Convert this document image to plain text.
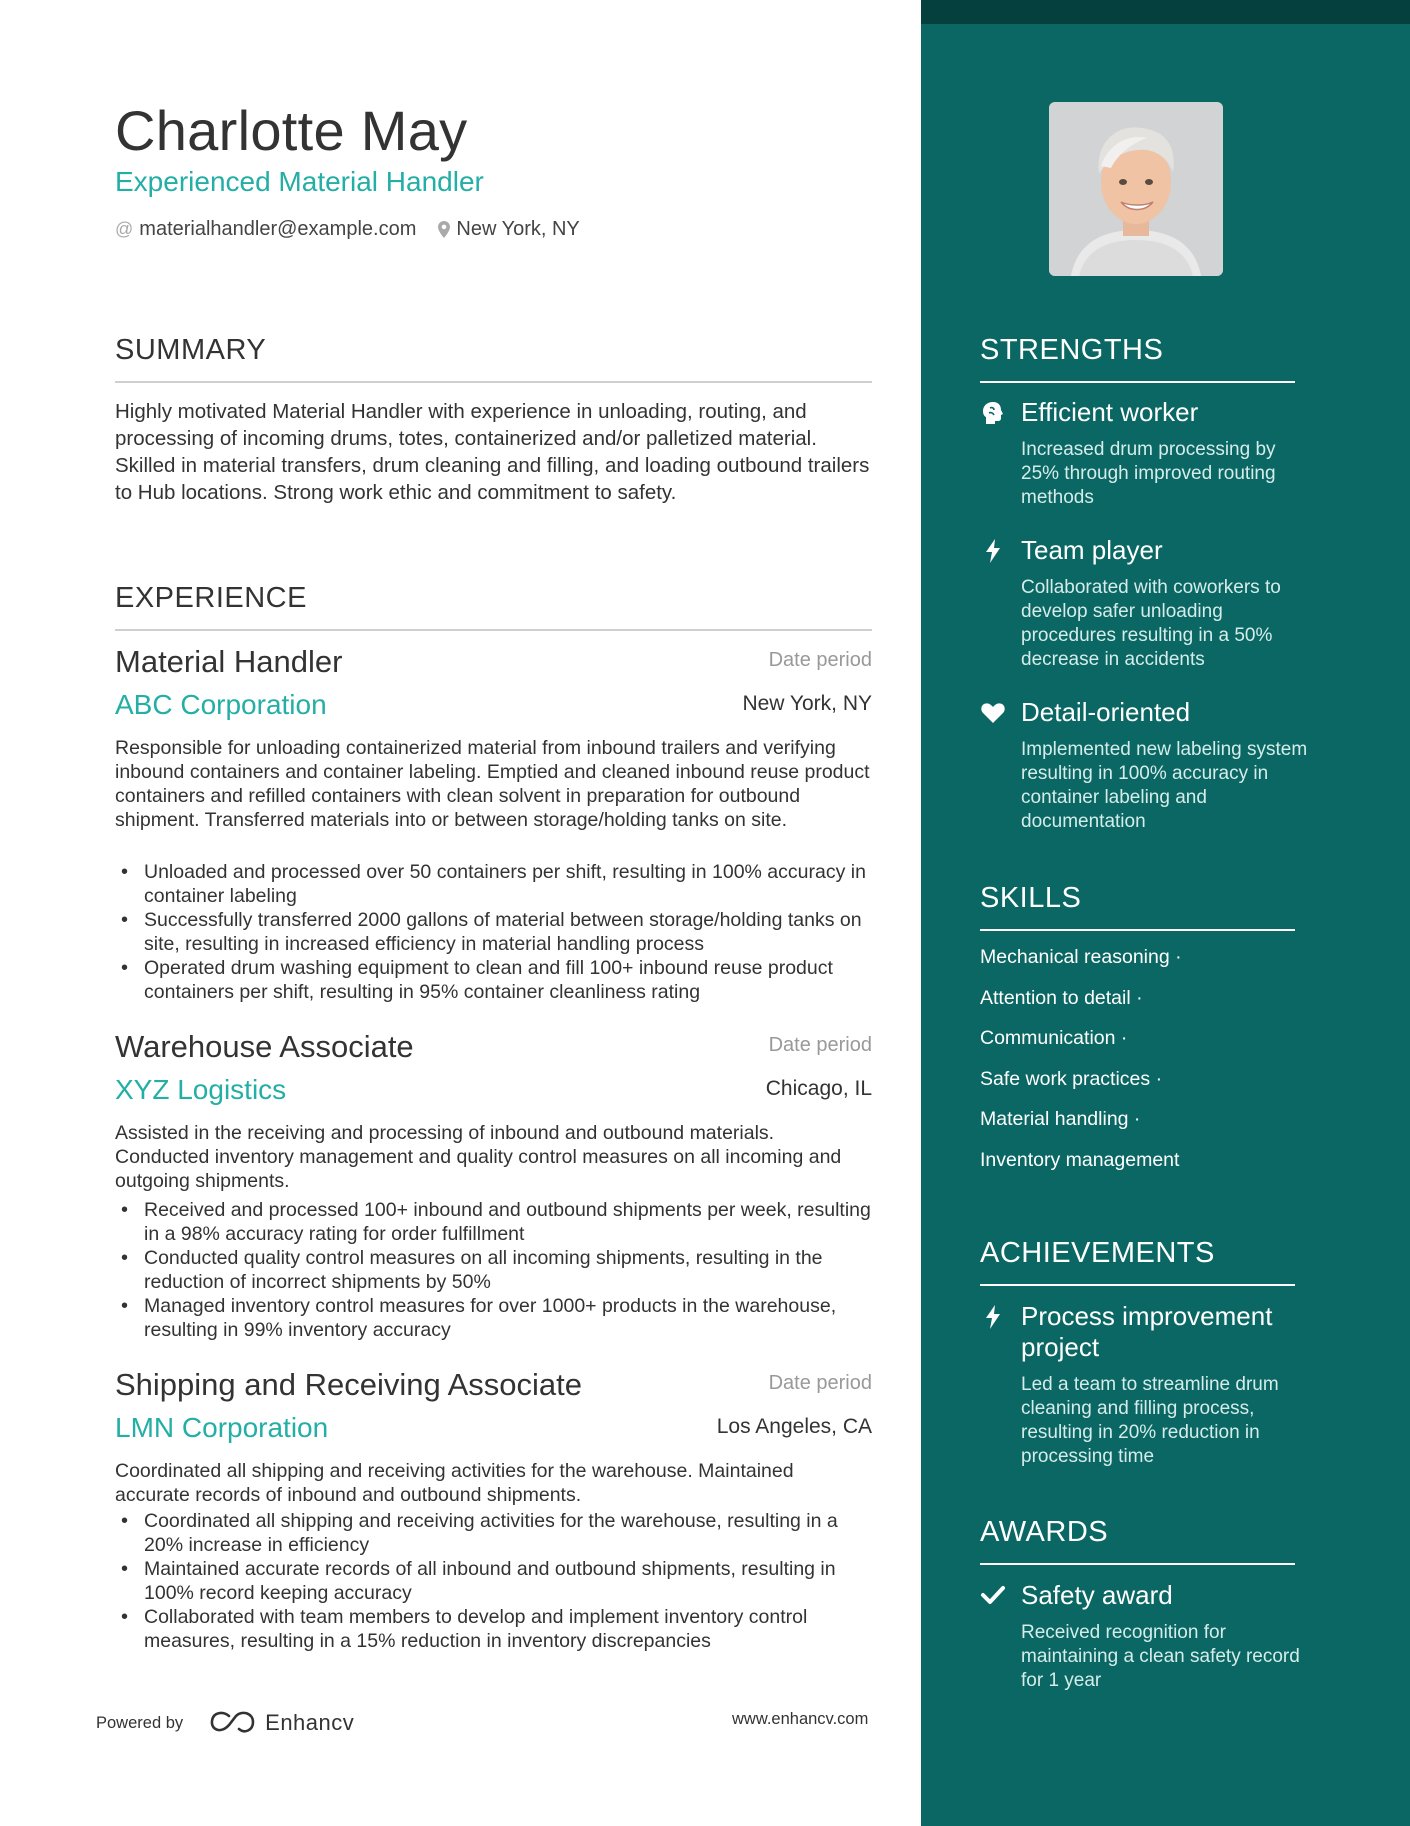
Charlotte May
Experienced Material Handler
@ materialhandler@example.com New York, NY
SUMMARY
Highly motivated Material Handler with experience in unloading, routing, and processing of incoming drums, totes, containerized and/or palletized material. Skilled in material transfers, drum cleaning and filling, and loading outbound trailers to Hub locations. Strong work ethic and commitment to safety.
EXPERIENCE
Material Handler	Date period
ABC Corporation	New York, NY
Responsible for unloading containerized material from inbound trailers and verifying inbound containers and container labeling. Emptied and cleaned inbound reuse product containers and refilled containers with clean solvent in preparation for outbound shipment. Transferred materials into or between storage/holding tanks on site.
• Unloaded and processed over 50 containers per shift, resulting in 100% accuracy in container labeling
• Successfully transferred 2000 gallons of material between storage/holding tanks on site, resulting in increased efficiency in material handling process
• Operated drum washing equipment to clean and fill 100+ inbound reuse product containers per shift, resulting in 95% container cleanliness rating
Warehouse Associate	Date period
XYZ Logistics	Chicago, IL
Assisted in the receiving and processing of inbound and outbound materials. Conducted inventory management and quality control measures on all incoming and outgoing shipments.
• Received and processed 100+ inbound and outbound shipments per week, resulting in a 98% accuracy rating for order fulfillment
• Conducted quality control measures on all incoming shipments, resulting in the reduction of incorrect shipments by 50%
• Managed inventory control measures for over 1000+ products in the warehouse, resulting in 99% inventory accuracy
Shipping and Receiving Associate	Date period
LMN Corporation	Los Angeles, CA
Coordinated all shipping and receiving activities for the warehouse. Maintained accurate records of inbound and outbound shipments.
• Coordinated all shipping and receiving activities for the warehouse, resulting in a 20% increase in efficiency
• Maintained accurate records of all inbound and outbound shipments, resulting in 100% record keeping accuracy
• Collaborated with team members to develop and implement inventory control measures, resulting in a 15% reduction in inventory discrepancies
Powered by	Enhancv	www.enhancv.com
STRENGTHS
Efficient worker
Increased drum processing by 25% through improved routing methods
Team player
Collaborated with coworkers to develop safer unloading procedures resulting in a 50% decrease in accidents
Detail-oriented
Implemented new labeling system resulting in 100% accuracy in container labeling and documentation
SKILLS
Mechanical reasoning ·
Attention to detail ·
Communication ·
Safe work practices ·
Material handling ·
Inventory management
ACHIEVEMENTS
Process improvement project
Led a team to streamline drum cleaning and filling process, resulting in 20% reduction in processing time
AWARDS
Safety award
Received recognition for maintaining a clean safety record for 1 year
